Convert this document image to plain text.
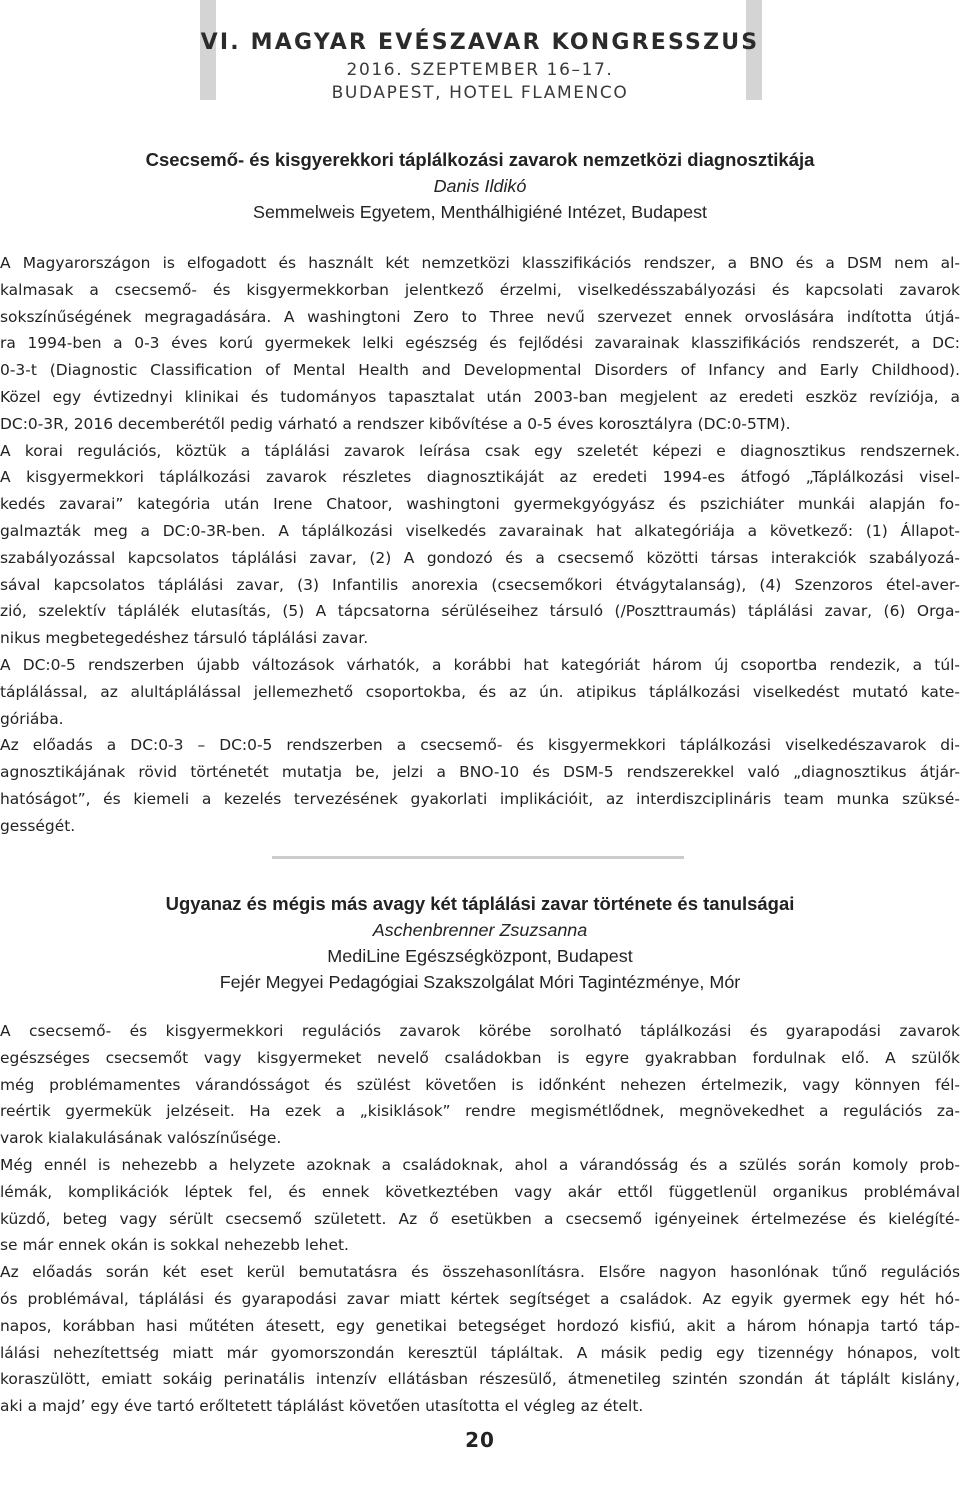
VI. MAGYAR EVÉSZAVAR KONGRESSZUS
2016. SZEPTEMBER 16–17.
BUDAPEST, HOTEL FLAMENCO
Csecsemő- és kisgyerekkori táplálkozási zavarok nemzetközi diagnosztikája
Danis Ildikó
Semmelweis Egyetem, Menthálhigiéné Intézet, Budapest
A Magyarországon is elfogadott és használt két nemzetközi klasszifikációs rendszer, a BNO és a DSM nem al-
kalmasak a csecsemő- és kisgyermekkorban jelentkező érzelmi, viselkedésszabályozási és kapcsolati zavarok
sokszínűségének megragadására. A washingtoni Zero to Three nevű szervezet ennek orvoslására indította útjá-
ra 1994-ben a 0-3 éves korú gyermekek lelki egészség és fejlődési zavarainak klasszifikációs rendszerét, a DC:
0-3-t (Diagnostic Classification of Mental Health and Developmental Disorders of Infancy and Early Childhood).
Közel egy évtizednyi klinikai és tudományos tapasztalat után 2003-ban megjelent az eredeti eszköz revíziója, a
DC:0-3R, 2016 decemberétől pedig várható a rendszer kibővítése a 0-5 éves korosztályra (DC:0-5TM).
A korai regulációs, köztük a táplálási zavarok leírása csak egy szeletét képezi e diagnosztikus rendszernek.
A kisgyermekkori táplálkozási zavarok részletes diagnosztikáját az eredeti 1994-es átfogó „Táplálkozási visel-
kedés zavarai” kategória után Irene Chatoor, washingtoni gyermekgyógyász és pszichiáter munkái alapján fo-
galmazták meg a DC:0-3R-ben. A táplálkozási viselkedés zavarainak hat alkategóriája a következő: (1) Állapot-
szabályozással kapcsolatos táplálási zavar, (2) A gondozó és a csecsemő közötti társas interakciók szabályozá-
sával kapcsolatos táplálási zavar, (3) Infantilis anorexia (csecsemőkori étvágytalanság), (4) Szenzoros étel-aver-
zió, szelektív táplálék elutasítás, (5) A tápcsatorna sérüléseihez társuló (/Poszttraumás) táplálási zavar, (6) Orga-
nikus megbetegedéshez társuló táplálási zavar.
A DC:0-5 rendszerben újabb változások várhatók, a korábbi hat kategóriát három új csoportba rendezik, a túl-
táplálással, az alultáplálással jellemezhető csoportokba, és az ún. atipikus táplálkozási viselkedést mutató kate-
góriába.
Az előadás a DC:0-3 – DC:0-5 rendszerben a csecsemő- és kisgyermekkori táplálkozási viselkedészavarok di-
agnosztikájának rövid történetét mutatja be, jelzi a BNO-10 és DSM-5 rendszerekkel való „diagnosztikus átjár-
hatóságot”, és kiemeli a kezelés tervezésének gyakorlati implikációit, az interdiszciplináris team munka szüksé-
gességét.
Ugyanaz és mégis más avagy két táplálási zavar története és tanulságai
Aschenbrenner Zsuzsanna
MediLine Egészségközpont, Budapest
Fejér Megyei Pedagógiai Szakszolgálat Móri Tagintézménye, Mór
A csecsemő- és kisgyermekkori regulációs zavarok körébe sorolható táplálkozási és gyarapodási zavarok
egészséges csecsemőt vagy kisgyermeket nevelő családokban is egyre gyakrabban fordulnak elő. A szülők
még problémamentes várandósságot és szülést követően is időnként nehezen értelmezik, vagy könnyen fél-
reértik gyermekük jelzéseit. Ha ezek a „kisiklások” rendre megismétlődnek, megnövekedhet a regulációs za-
varok kialakulásának valószínűsége.
Még ennél is nehezebb a helyzete azoknak a családoknak, ahol a várandósság és a szülés során komoly prob-
lémák, komplikációk léptek fel, és ennek következtében vagy akár ettől függetlenül organikus problémával
küzdő, beteg vagy sérült csecsemő született. Az ő esetükben a csecsemő igényeinek értelmezése és kielégíté-
se már ennek okán is sokkal nehezebb lehet.
Az előadás során két eset kerül bemutatásra és összehasonlításra. Elsőre nagyon hasonlónak tűnő regulációs
ós problémával, táplálási és gyarapodási zavar miatt kértek segítséget a családok. Az egyik gyermek egy hét hó-
napos, korábban hasi műtéten átesett, egy genetikai betegséget hordozó kisfiú, akit a három hónapja tartó táp-
lálási nehezítettség miatt már gyomorszondán keresztül tápláltak. A másik pedig egy tizennégy hónapos, volt
koraszülött, emiatt sokáig perinatális intenzív ellátásban részesülő, átmenetileg szintén szondán át táplált kislány,
aki a majd’ egy éve tartó erőltetett táplálást követően utasította el végleg az ételt.
20
